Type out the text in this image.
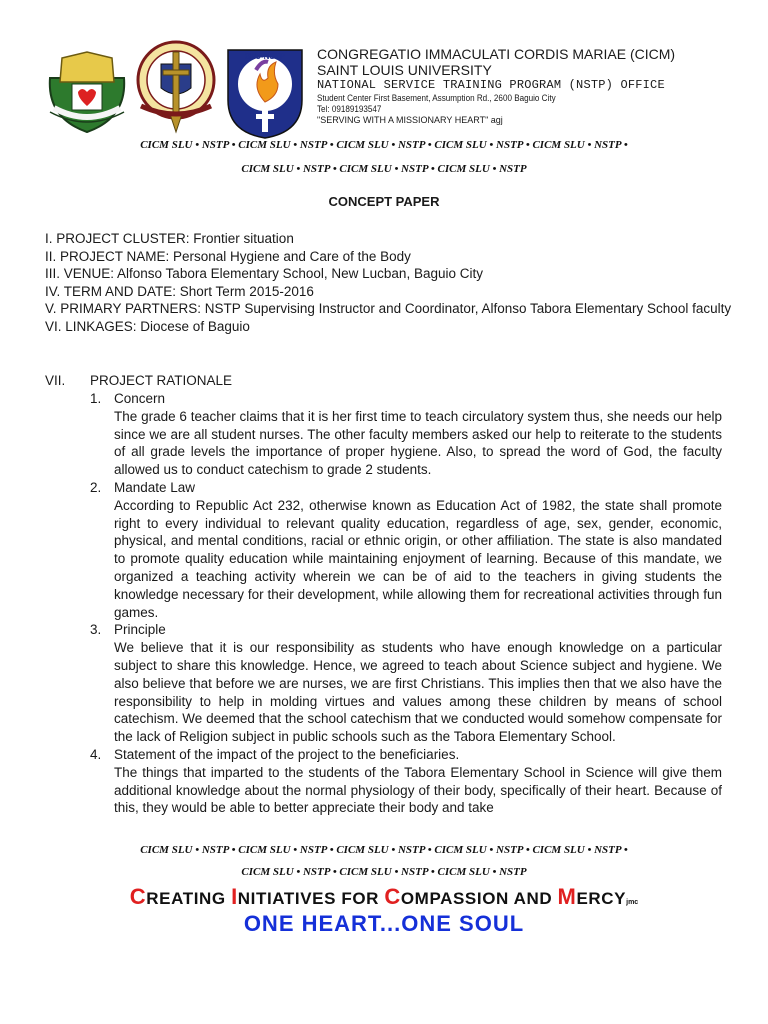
SLU-NSTP CONGREGATIO IMMACULATI CORDIS MARIAE (CICM)
SAINT LOUIS UNIVERSITY
NATIONAL SERVICE TRAINING PROGRAM (NSTP) OFFICE
Student Center First Basement, Assumption Rd., 2600 Baguio City
Tel: 09189193547
"SERVING WITH A MISSIONARY HEART" agj
CICM SLU • NSTP • CICM SLU • NSTP • CICM SLU • NSTP • CICM SLU • NSTP • CICM SLU • NSTP •
CICM SLU • NSTP • CICM SLU • NSTP • CICM SLU • NSTP
CONCEPT PAPER
I. PROJECT CLUSTER: Frontier situation
II. PROJECT NAME: Personal Hygiene and Care of the Body
III. VENUE: Alfonso Tabora Elementary School, New Lucban, Baguio City
IV. TERM AND DATE: Short Term 2015-2016
V. PRIMARY PARTNERS: NSTP Supervising Instructor and Coordinator, Alfonso Tabora Elementary School faculty
VI. LINKAGES: Diocese of Baguio
VII. PROJECT RATIONALE
1. Concern
The grade 6 teacher claims that it is her first time to teach circulatory system thus, she needs our help since we are all student nurses. The other faculty members asked our help to reiterate to the students of all grade levels the importance of proper hygiene. Also, to spread the word of God, the faculty allowed us to conduct catechism to grade 2 students.
2. Mandate Law
According to Republic Act 232, otherwise known as Education Act of 1982, the state shall promote right to every individual to relevant quality education, regardless of age, sex, gender, economic, physical, and mental conditions, racial or ethnic origin, or other affiliation. The state is also mandated to promote quality education while maintaining enjoyment of learning. Because of this mandate, we organized a teaching activity wherein we can be of aid to the teachers in giving students the knowledge necessary for their development, while allowing them for recreational activities through fun games.
3. Principle
We believe that it is our responsibility as students who have enough knowledge on a particular subject to share this knowledge. Hence, we agreed to teach about Science subject and hygiene. We also believe that before we are nurses, we are first Christians. This implies then that we also have the responsibility to help in molding virtues and values among these children by means of school catechism. We deemed that the school catechism that we conducted would somehow compensate for the lack of Religion subject in public schools such as the Tabora Elementary School.
4. Statement of the impact of the project to the beneficiaries.
The things that imparted to the students of the Tabora Elementary School in Science will give them additional knowledge about the normal physiology of their body, specifically of their heart. Because of this, they would be able to better appreciate their body and take
CICM SLU • NSTP • CICM SLU • NSTP • CICM SLU • NSTP • CICM SLU • NSTP • CICM SLU • NSTP •
CICM SLU • NSTP • CICM SLU • NSTP • CICM SLU • NSTP
CREATING INITIATIVES FOR COMPASSION AND MERCYjmc
ONE HEART...ONE SOUL
